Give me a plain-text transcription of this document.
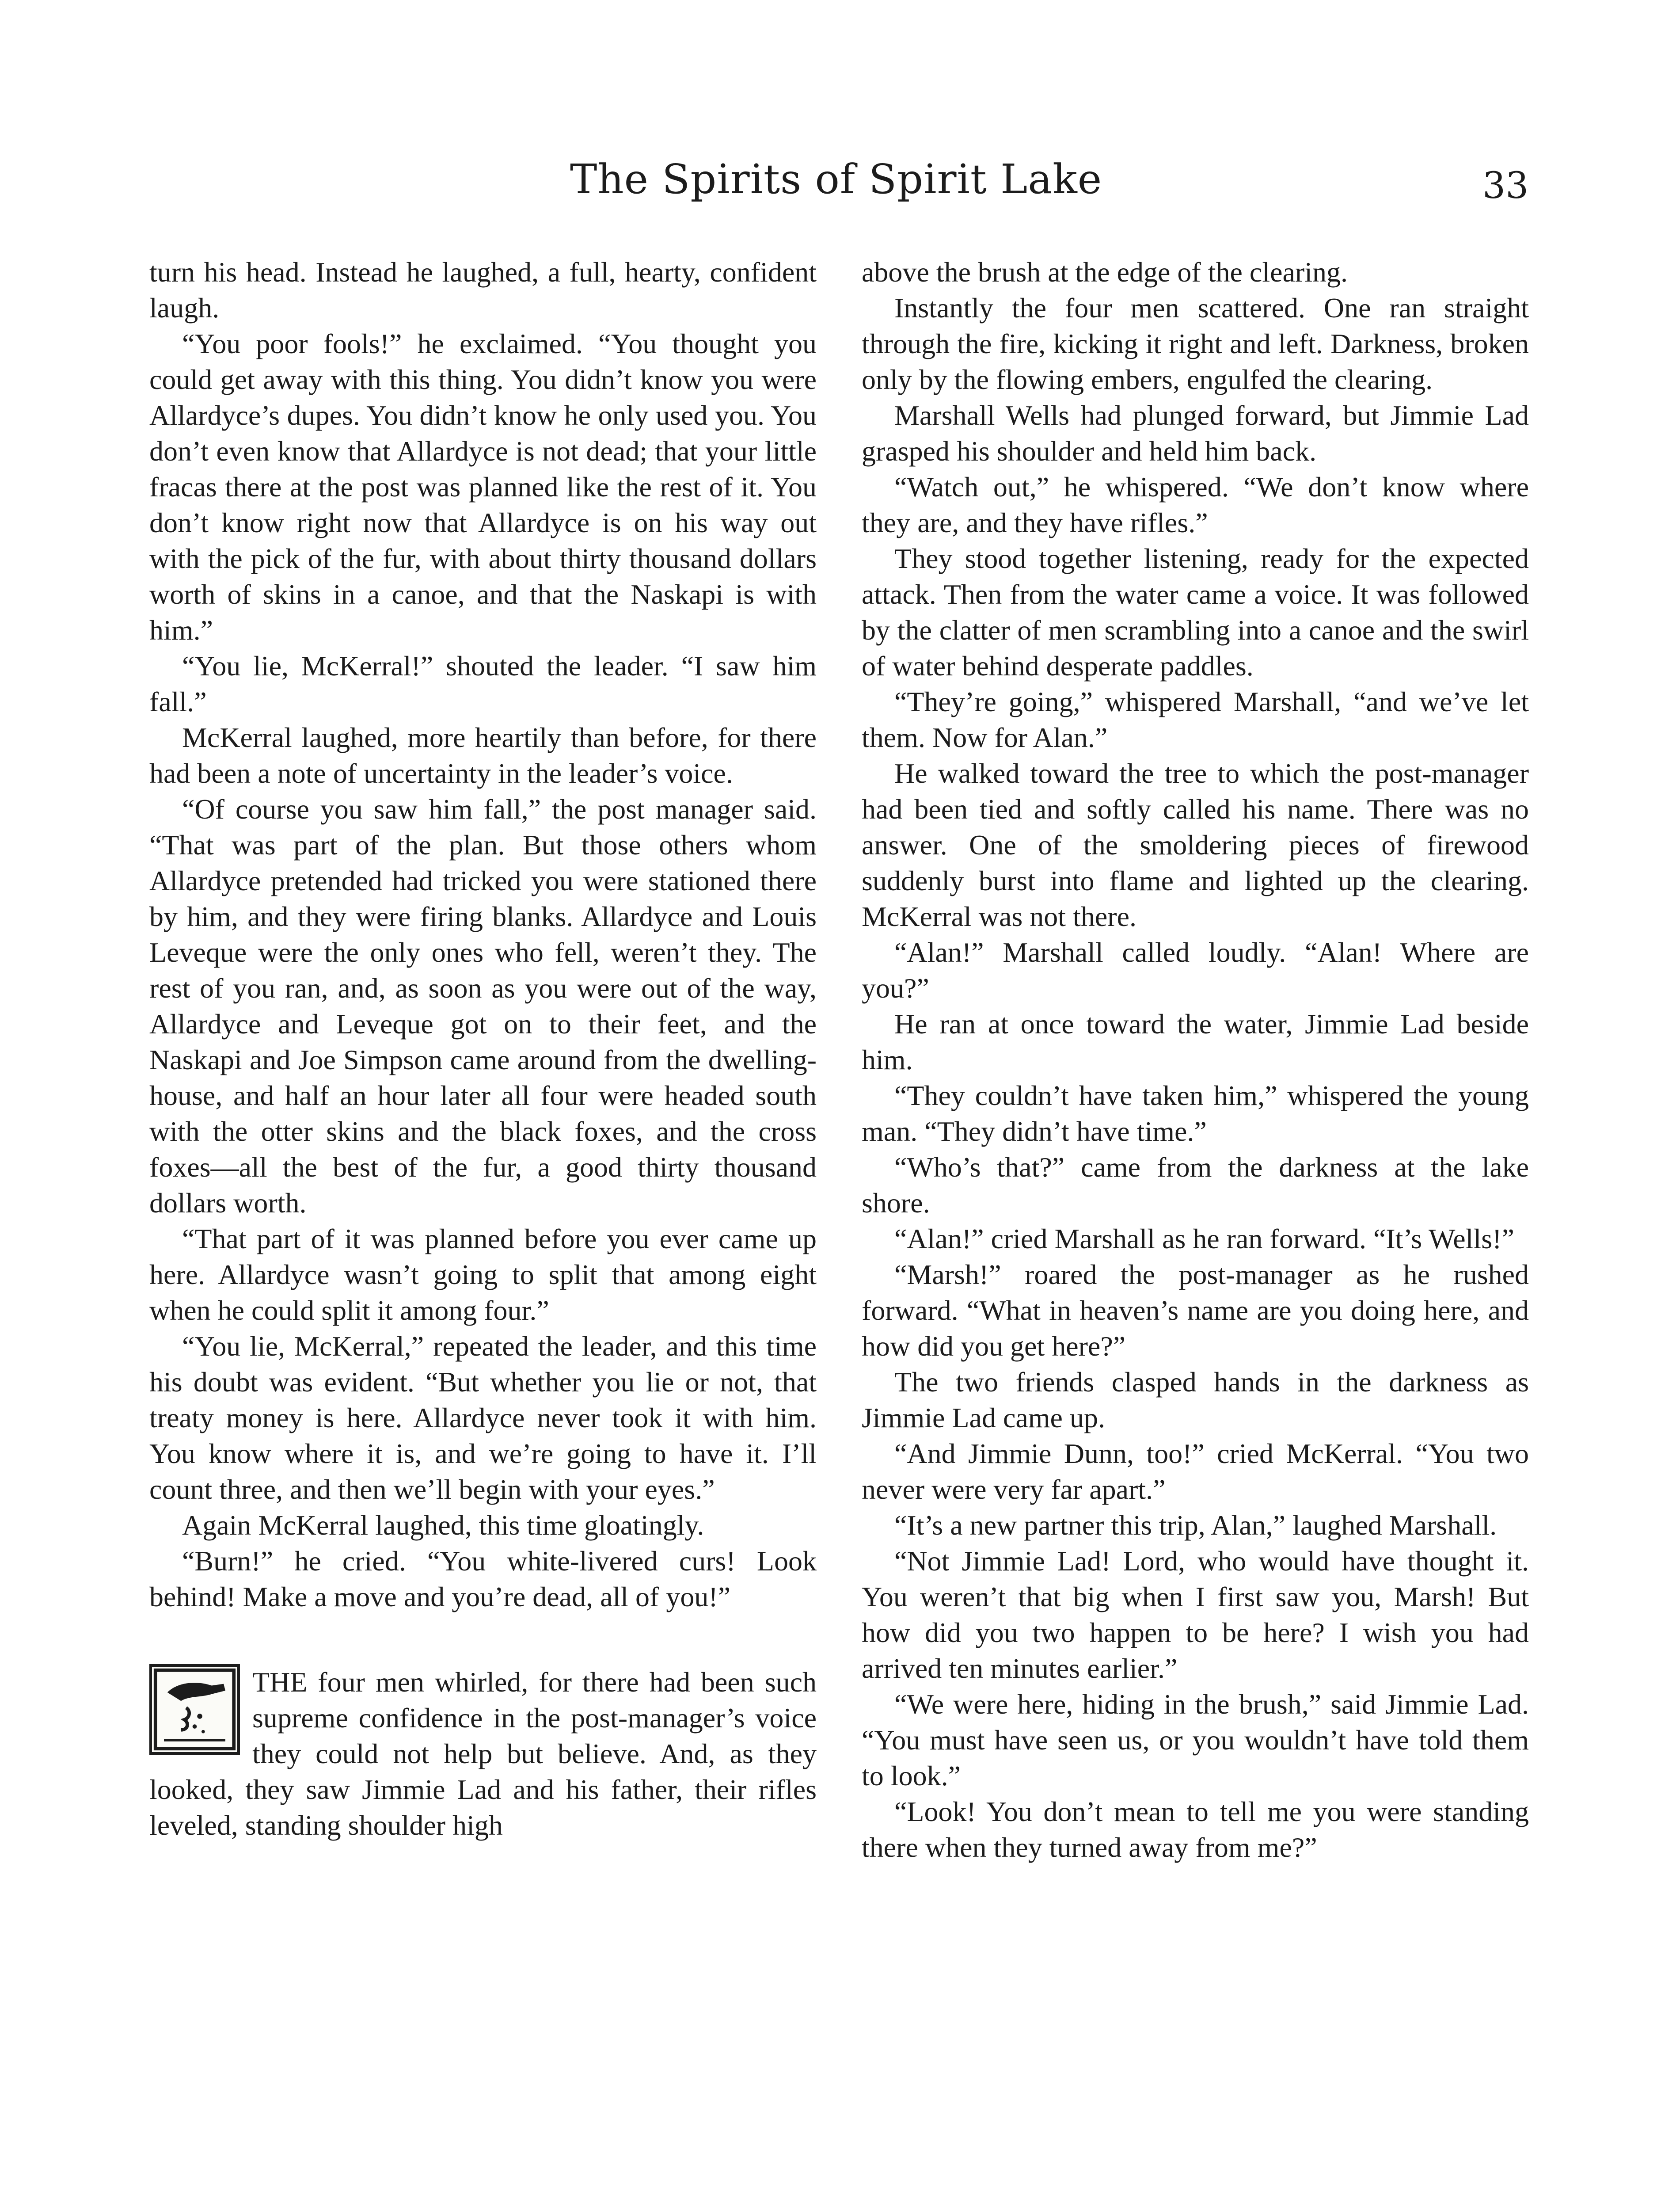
The Spirits of Spirit Lake	33

turn his head. Instead he laughed, a full, hearty, confident laugh.

“You poor fools!” he exclaimed. “You thought you could get away with this thing. You didn’t know you were Allardyce’s dupes. You didn’t know he only used you. You don’t even know that Allardyce is not dead; that your little fracas there at the post was planned like the rest of it. You don’t know right now that Allardyce is on his way out with the pick of the fur, with about thirty thousand dollars worth of skins in a canoe, and that the Naskapi is with him.”

“You lie, McKerral!” shouted the leader. “I saw him fall.”

McKerral laughed, more heartily than before, for there had been a note of uncertainty in the leader’s voice.

“Of course you saw him fall,” the post manager said. “That was part of the plan. But those others whom Allardyce pretended had tricked you were stationed there by him, and they were firing blanks. Allardyce and Louis Leveque were the only ones who fell, weren’t they. The rest of you ran, and, as soon as you were out of the way, Allardyce and Leveque got on to their feet, and the Naskapi and Joe Simpson came around from the dwelling-house, and half an hour later all four were headed south with the otter skins and the black foxes, and the cross foxes—all the best of the fur, a good thirty thousand dollars worth.

“That part of it was planned before you ever came up here. Allardyce wasn’t going to split that among eight when he could split it among four.”

“You lie, McKerral,” repeated the leader, and this time his doubt was evident. “But whether you lie or not, that treaty money is here. Allardyce never took it with him. You know where it is, and we’re going to have it. I’ll count three, and then we’ll begin with your eyes.”

Again McKerral laughed, this time gloatingly.

“Burn!” he cried. “You white-livered curs! Look behind! Make a move and you’re dead, all of you!”

THE four men whirled, for there had been such supreme confidence in the post-manager’s voice they could not help but believe. And, as they looked, they saw Jimmie Lad and his father, their rifles leveled, standing shoulder high

above the brush at the edge of the clearing.

Instantly the four men scattered. One ran straight through the fire, kicking it right and left. Darkness, broken only by the flowing embers, engulfed the clearing.

Marshall Wells had plunged forward, but Jimmie Lad grasped his shoulder and held him back.

“Watch out,” he whispered. “We don’t know where they are, and they have rifles.”

They stood together listening, ready for the expected attack. Then from the water came a voice. It was followed by the clatter of men scrambling into a canoe and the swirl of water behind desperate paddles.

“They’re going,” whispered Marshall, “and we’ve let them. Now for Alan.”

He walked toward the tree to which the post-manager had been tied and softly called his name. There was no answer. One of the smoldering pieces of firewood suddenly burst into flame and lighted up the clearing. McKerral was not there.

“Alan!” Marshall called loudly. “Alan! Where are you?”

He ran at once toward the water, Jimmie Lad beside him.

“They couldn’t have taken him,” whispered the young man. “They didn’t have time.”

“Who’s that?” came from the darkness at the lake shore.

“Alan!” cried Marshall as he ran forward. “It’s Wells!”

“Marsh!” roared the post-manager as he rushed forward. “What in heaven’s name are you doing here, and how did you get here?”

The two friends clasped hands in the darkness as Jimmie Lad came up.

“And Jimmie Dunn, too!” cried McKerral. “You two never were very far apart.”

“It’s a new partner this trip, Alan,” laughed Marshall.

“Not Jimmie Lad! Lord, who would have thought it. You weren’t that big when I first saw you, Marsh! But how did you two happen to be here? I wish you had arrived ten minutes earlier.”

“We were here, hiding in the brush,” said Jimmie Lad. “You must have seen us, or you wouldn’t have told them to look.”

“Look! You don’t mean to tell me you were standing there when they turned away from me?”
